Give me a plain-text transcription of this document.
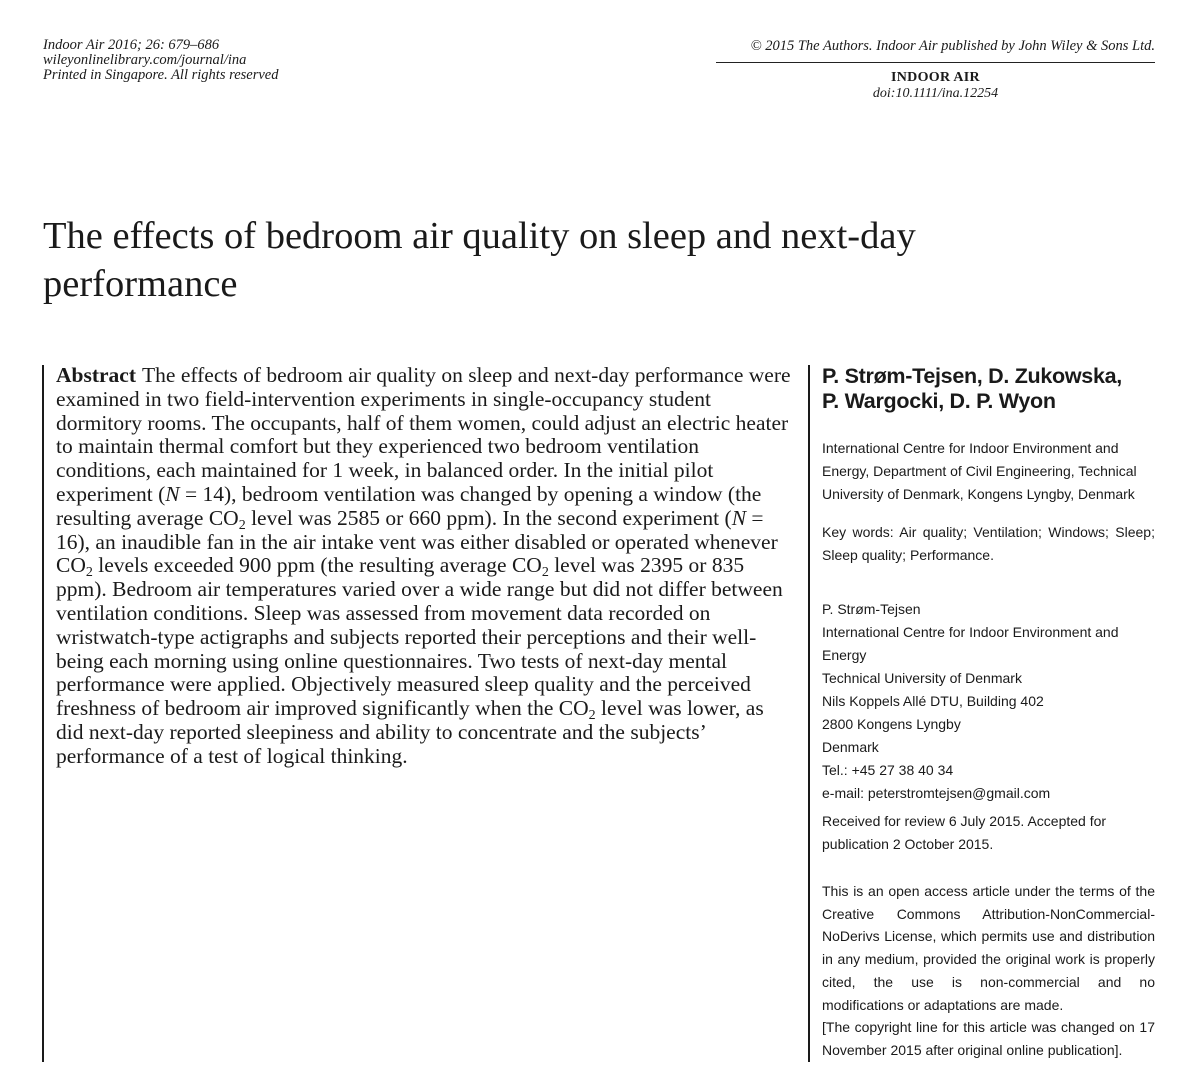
Indoor Air 2016; 26: 679–686
wileyonlinelibrary.com/journal/ina
Printed in Singapore. All rights reserved
© 2015 The Authors. Indoor Air published by John Wiley & Sons Ltd.
INDOOR AIR
doi:10.1111/ina.12254
The effects of bedroom air quality on sleep and next-day performance

Abstract The effects of bedroom air quality on sleep and next-day performance were examined in two field-intervention experiments in single-occupancy student dormitory rooms. The occupants, half of them women, could adjust an electric heater to maintain thermal comfort but they experienced two bedroom ventilation conditions, each maintained for 1 week, in balanced order. In the initial pilot experiment (N = 14), bedroom ventilation was changed by opening a window (the resulting average $CO_2$ level was 2585 or 660 ppm). In the second experiment (N = 16), an inaudible fan in the air intake vent was either disabled or operated whenever $CO_2$ levels exceeded 900 ppm (the resulting average $CO_2$ level was 2395 or 835 ppm). Bedroom air temperatures varied over a wide range but did not differ between ventilation conditions. Sleep was assessed from movement data recorded on wristwatch-type actigraphs and subjects reported their perceptions and their well-being each morning using online questionnaires. Two tests of next-day mental performance were applied. Objectively measured sleep quality and the perceived freshness of bedroom air improved significantly when the $CO_2$ level was lower, as did next-day reported sleepiness and ability to concentrate and the subjects’ performance of a test of logical thinking.

P. Strøm-Tejsen, D. Zukowska,
P. Wargocki, D. P. Wyon
International Centre for Indoor Environment and Energy, Department of Civil Engineering, Technical University of Denmark, Kongens Lyngby, Denmark
Key words: Air quality; Ventilation; Windows; Sleep; Sleep quality; Performance.
P. Strøm-Tejsen
International Centre for Indoor Environment and Energy
Technical University of Denmark
Nils Koppels Allé DTU, Building 402
2800 Kongens Lyngby
Denmark
Tel.: +45 27 38 40 34
e-mail: peterstromtejsen@gmail.com
Received for review 6 July 2015. Accepted for publication 2 October 2015.
This is an open access article under the terms of the Creative Commons Attribution-NonCommercial-NoDerivs License, which permits use and distribution in any medium, provided the original work is properly cited, the use is non-commercial and no modifications or adaptations are made.
[The copyright line for this article was changed on 17 November 2015 after original online publication].
